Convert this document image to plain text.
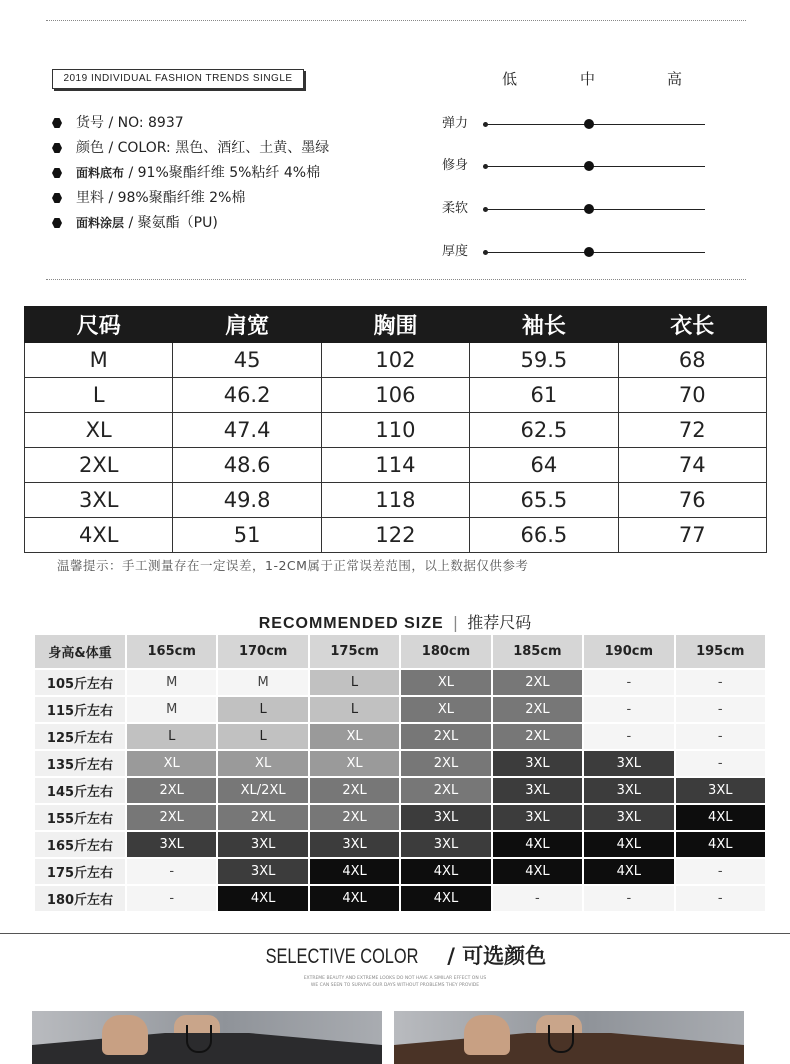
2019 INDIVIDUAL FASHION TRENDS SINGLE
货号 / NO: 8937
颜色 / COLOR: 黑色、酒红、土黄、墨绿
面料底布 / 91%聚酯纤维 5%粘纤 4%棉
里料 / 98%聚酯纤维 2%棉
面料涂层 / 聚氨酯（PU)
低	中	高
弹力
修身
柔软
厚度
尺码	肩宽	胸围	袖长	衣长
M	45	102	59.5	68
L	46.2	106	61	70
XL	47.4	110	62.5	72
2XL	48.6	114	64	74
3XL	49.8	118	65.5	76
4XL	51	122	66.5	77
温馨提示：手工测量存在一定误差，1-2CM属于正常误差范围，以上数据仅供参考
RECOMMENDED SIZE | 推荐尺码
身高&体重	165cm	170cm	175cm	180cm	185cm	190cm	195cm
105斤左右	M	M	L	XL	2XL	-	-
115斤左右	M	L	L	XL	2XL	-	-
125斤左右	L	L	XL	2XL	2XL	-	-
135斤左右	XL	XL	XL	2XL	3XL	3XL	-
145斤左右	2XL	XL/2XL	2XL	2XL	3XL	3XL	3XL
155斤左右	2XL	2XL	2XL	3XL	3XL	3XL	4XL
165斤左右	3XL	3XL	3XL	3XL	4XL	4XL	4XL
175斤左右	-	3XL	4XL	4XL	4XL	4XL	-
180斤左右	-	4XL	4XL	4XL	-	-	-
SELECTIVE COLOR / 可选颜色
EXTREME BEAUTY AND EXTREME LOOKS DO NOT HAVE A SIMILAR EFFECT ON US WE CAN SEEN TO SURVIVE OUR DAYS WITHOUT PROBLEMS THEY PROVIDE
